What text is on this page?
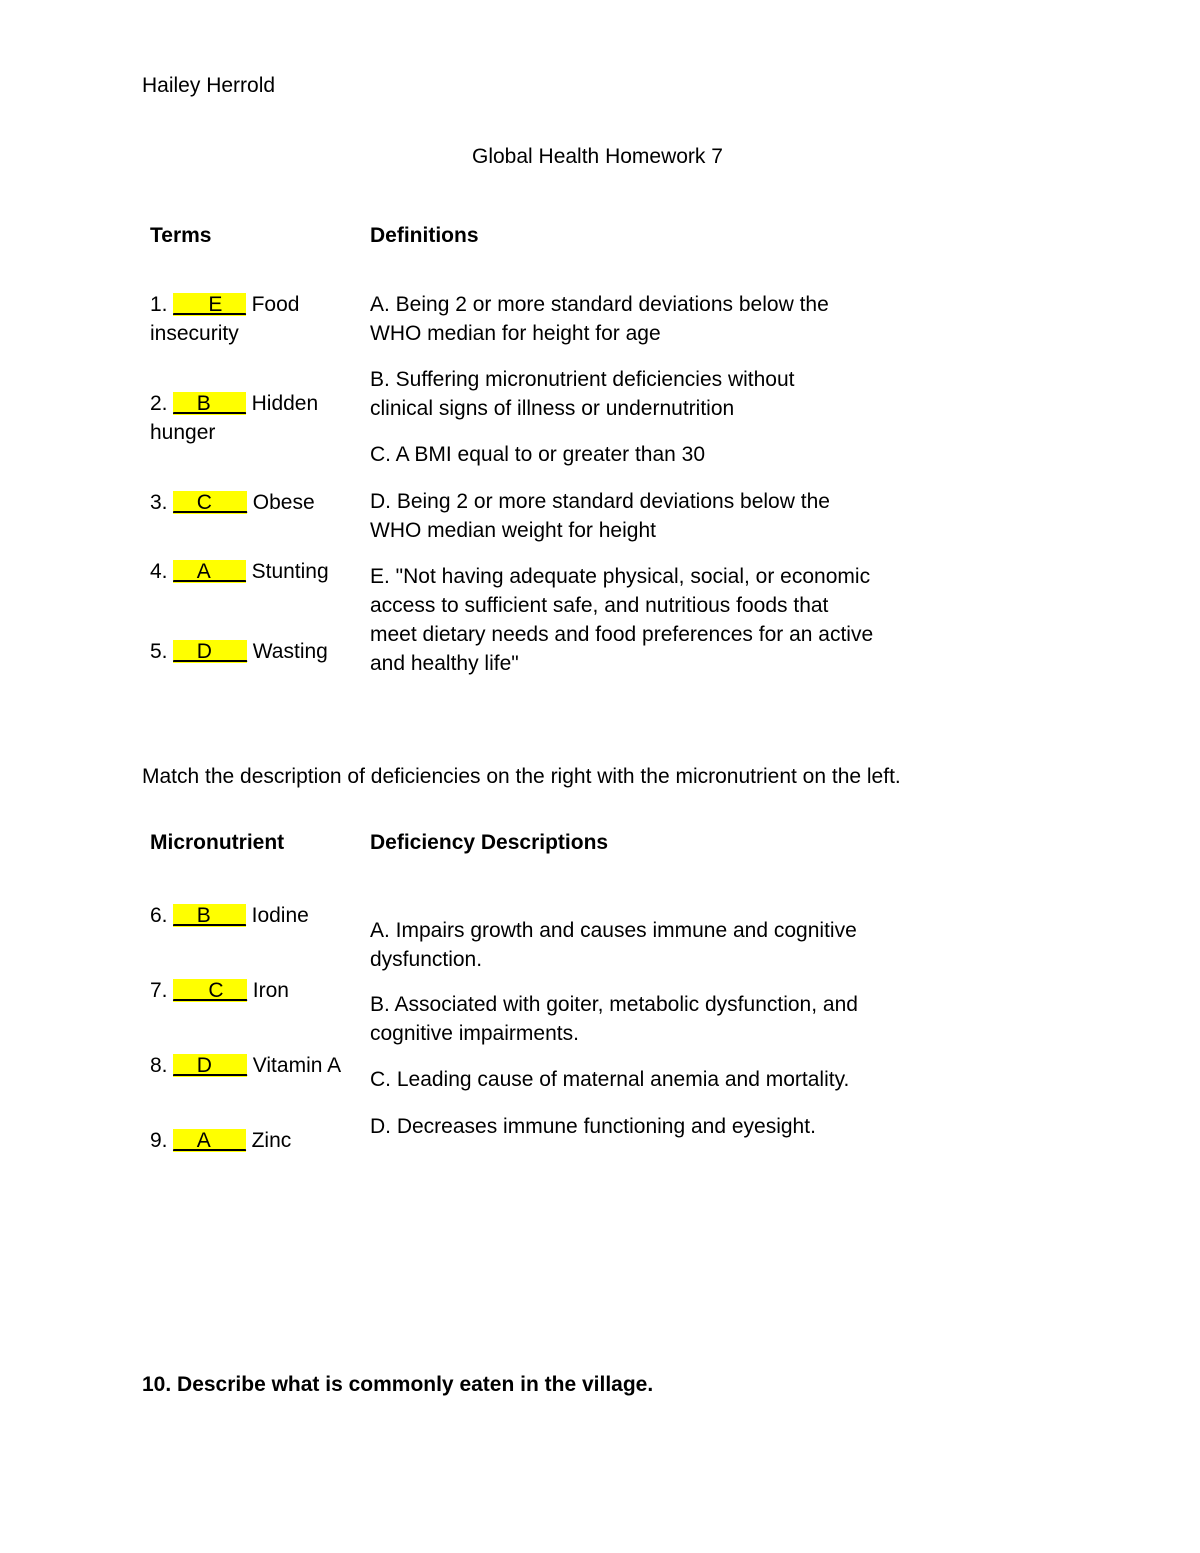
Hailey Herrold
Global Health Homework 7
Terms	Definitions
1. ___E__ Food
insecurity
2. __B___ Hidden
hunger
3. __C___ Obese
4. __A___ Stunting
5. __D___ Wasting
A. Being 2 or more standard deviations below the
WHO median for height for age
B. Suffering micronutrient deficiencies without
clinical signs of illness or undernutrition
C. A BMI equal to or greater than 30
D. Being 2 or more standard deviations below the
WHO median weight for height
E. "Not having adequate physical, social, or economic
access to sufficient safe, and nutritious foods that
meet dietary needs and food preferences for an active
and healthy life"
Match the description of deficiencies on the right with the micronutrient on the left.
Micronutrient	Deficiency Descriptions
6. __B___ Iodine
7. ___C__ Iron
8. __D___ Vitamin A
9. __A___ Zinc
A. Impairs growth and causes immune and cognitive
dysfunction.
B. Associated with goiter, metabolic dysfunction, and
cognitive impairments.
C. Leading cause of maternal anemia and mortality.
D. Decreases immune functioning and eyesight.
10. Describe what is commonly eaten in the village.
